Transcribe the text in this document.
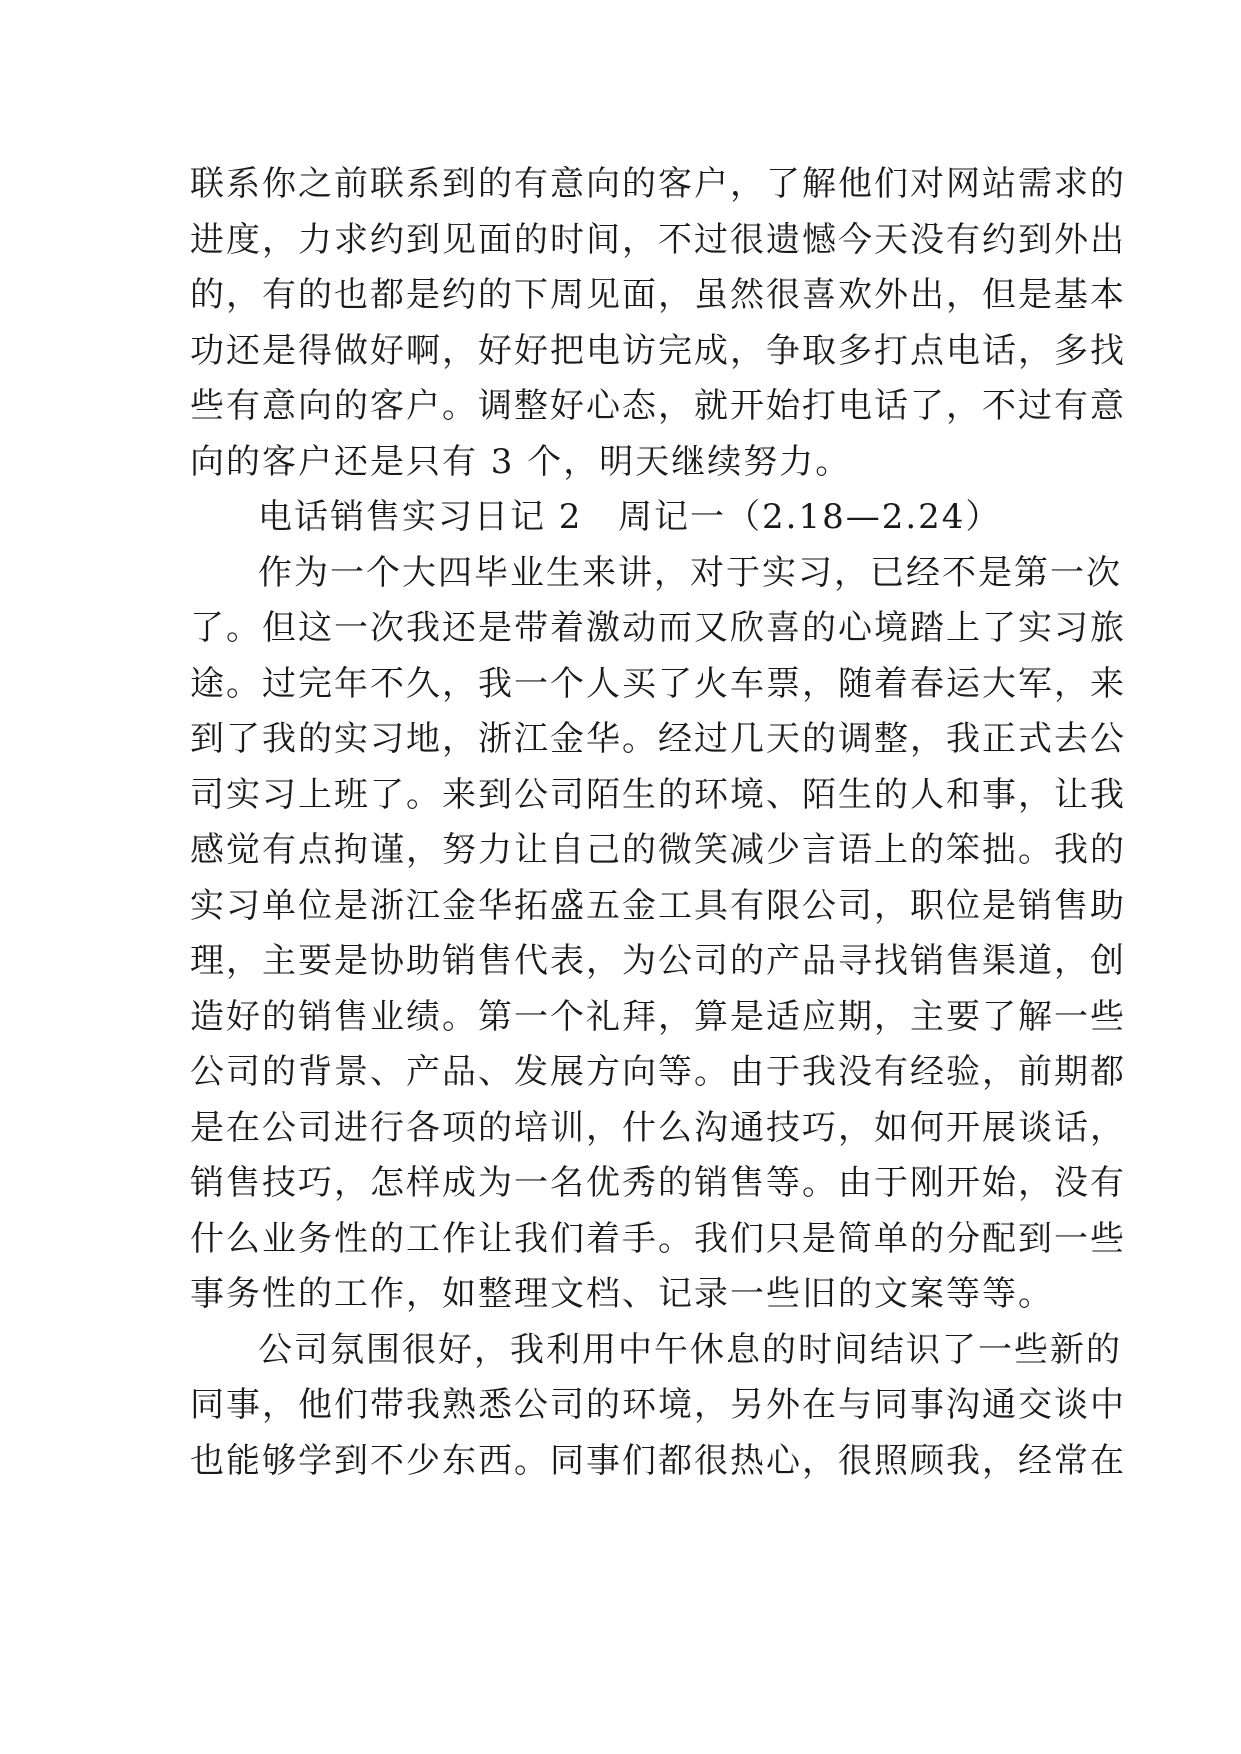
联系你之前联系到的有意向的客户，了解他们对网站需求的
进度，力求约到见面的时间，不过很遗憾今天没有约到外出
的，有的也都是约的下周见面，虽然很喜欢外出，但是基本
功还是得做好啊，好好把电访完成，争取多打点电话，多找
些有意向的客户。调整好心态，就开始打电话了，不过有意
向的客户还是只有 3 个，明天继续努力。
电话销售实习日记 2 周记一（2.18—2.24）
作为一个大四毕业生来讲，对于实习，已经不是第一次
了。但这一次我还是带着激动而又欣喜的心境踏上了实习旅
途。过完年不久，我一个人买了火车票，随着春运大军，来
到了我的实习地，浙江金华。经过几天的调整，我正式去公
司实习上班了。来到公司陌生的环境、陌生的人和事，让我
感觉有点拘谨，努力让自己的微笑减少言语上的笨拙。我的
实习单位是浙江金华拓盛五金工具有限公司，职位是销售助
理，主要是协助销售代表，为公司的产品寻找销售渠道，创
造好的销售业绩。第一个礼拜，算是适应期，主要了解一些
公司的背景、产品、发展方向等。由于我没有经验，前期都
是在公司进行各项的培训，什么沟通技巧，如何开展谈话，
销售技巧，怎样成为一名优秀的销售等。由于刚开始，没有
什么业务性的工作让我们着手。我们只是简单的分配到一些
事务性的工作，如整理文档、记录一些旧的文案等等。
公司氛围很好，我利用中午休息的时间结识了一些新的
同事，他们带我熟悉公司的环境，另外在与同事沟通交谈中
也能够学到不少东西。同事们都很热心，很照顾我，经常在
